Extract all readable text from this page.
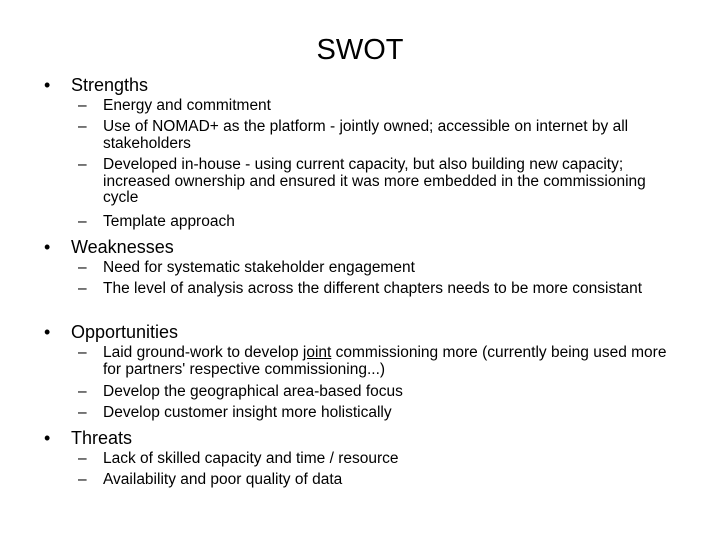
SWOT
• Strengths
– Energy and commitment
– Use of NOMAD+ as the platform - jointly owned; accessible on internet by all stakeholders
– Developed in-house - using current capacity, but also building new capacity; increased ownership and ensured it was more embedded in the commissioning cycle
– Template approach
• Weaknesses
– Need for systematic stakeholder engagement
– The level of analysis across the different chapters needs to be more consistant
• Opportunities
– Laid ground-work to develop joint commissioning more (currently being used more for partners' respective commissioning...)
– Develop the geographical area-based focus
– Develop customer insight more holistically
• Threats
– Lack of skilled capacity and time / resource
– Availability and poor quality of data
